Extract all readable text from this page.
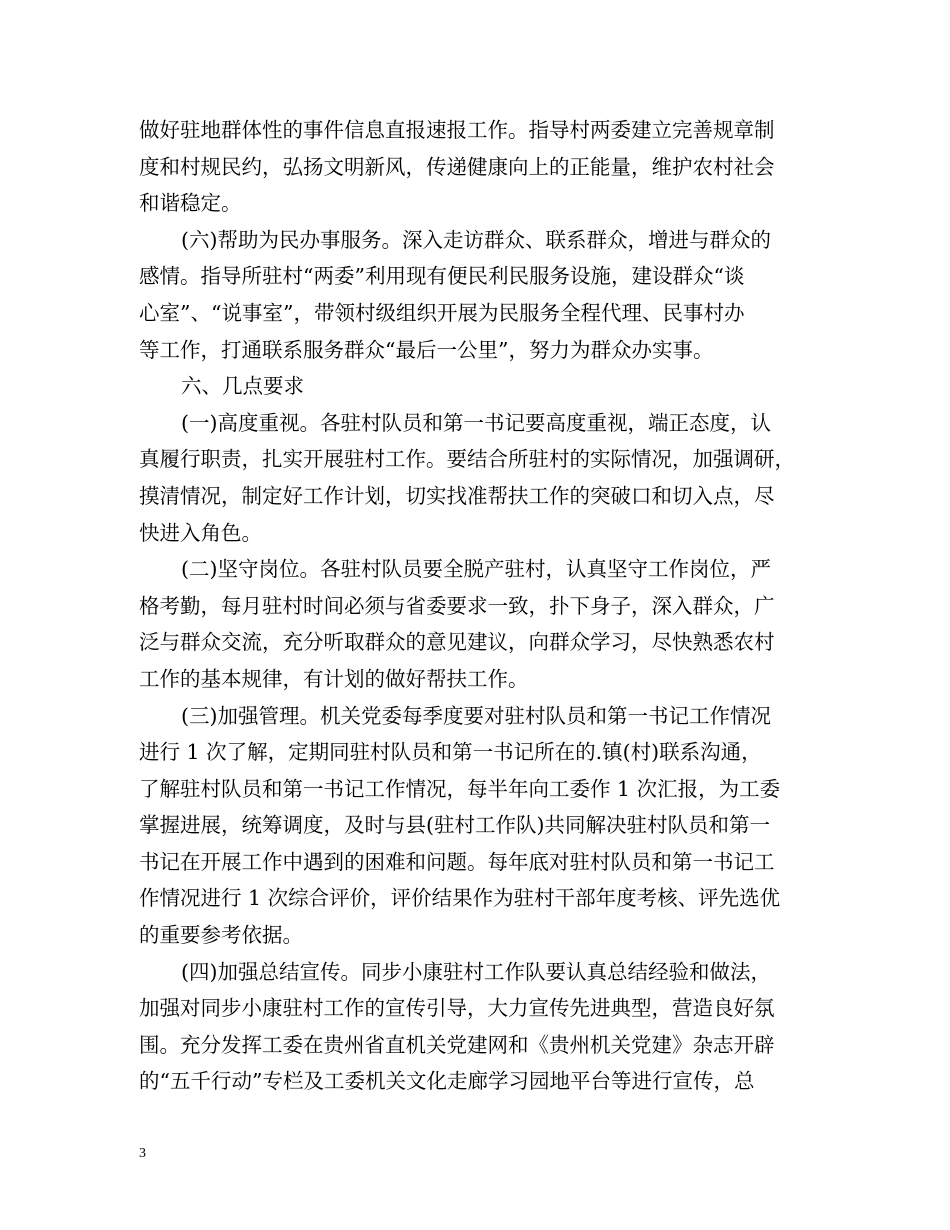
做好驻地群体性的事件信息直报速报工作。指导村两委建立完善规章制
度和村规民约，弘扬文明新风，传递健康向上的正能量，维护农村社会
和谐稳定。
(六)帮助为民办事服务。深入走访群众、联系群众，增进与群众的
感情。指导所驻村“两委”利用现有便民利民服务设施，建设群众“谈
心室”、“说事室”，带领村级组织开展为民服务全程代理、民事村办
等工作，打通联系服务群众“最后一公里”，努力为群众办实事。
六、几点要求
(一)高度重视。各驻村队员和第一书记要高度重视，端正态度，认
真履行职责，扎实开展驻村工作。要结合所驻村的实际情况，加强调研，
摸清情况，制定好工作计划，切实找准帮扶工作的突破口和切入点，尽
快进入角色。
(二)坚守岗位。各驻村队员要全脱产驻村，认真坚守工作岗位，严
格考勤，每月驻村时间必须与省委要求一致，扑下身子，深入群众，广
泛与群众交流，充分听取群众的意见建议，向群众学习，尽快熟悉农村
工作的基本规律，有计划的做好帮扶工作。
(三)加强管理。机关党委每季度要对驻村队员和第一书记工作情况
进行 1 次了解，定期同驻村队员和第一书记所在的.镇(村)联系沟通，
了解驻村队员和第一书记工作情况，每半年向工委作 1 次汇报，为工委
掌握进展，统筹调度，及时与县(驻村工作队)共同解决驻村队员和第一
书记在开展工作中遇到的困难和问题。每年底对驻村队员和第一书记工
作情况进行 1 次综合评价，评价结果作为驻村干部年度考核、评先选优
的重要参考依据。
(四)加强总结宣传。同步小康驻村工作队要认真总结经验和做法，
加强对同步小康驻村工作的宣传引导，大力宣传先进典型，营造良好氛
围。充分发挥工委在贵州省直机关党建网和《贵州机关党建》杂志开辟
的“五千行动”专栏及工委机关文化走廊学习园地平台等进行宣传，总
3
